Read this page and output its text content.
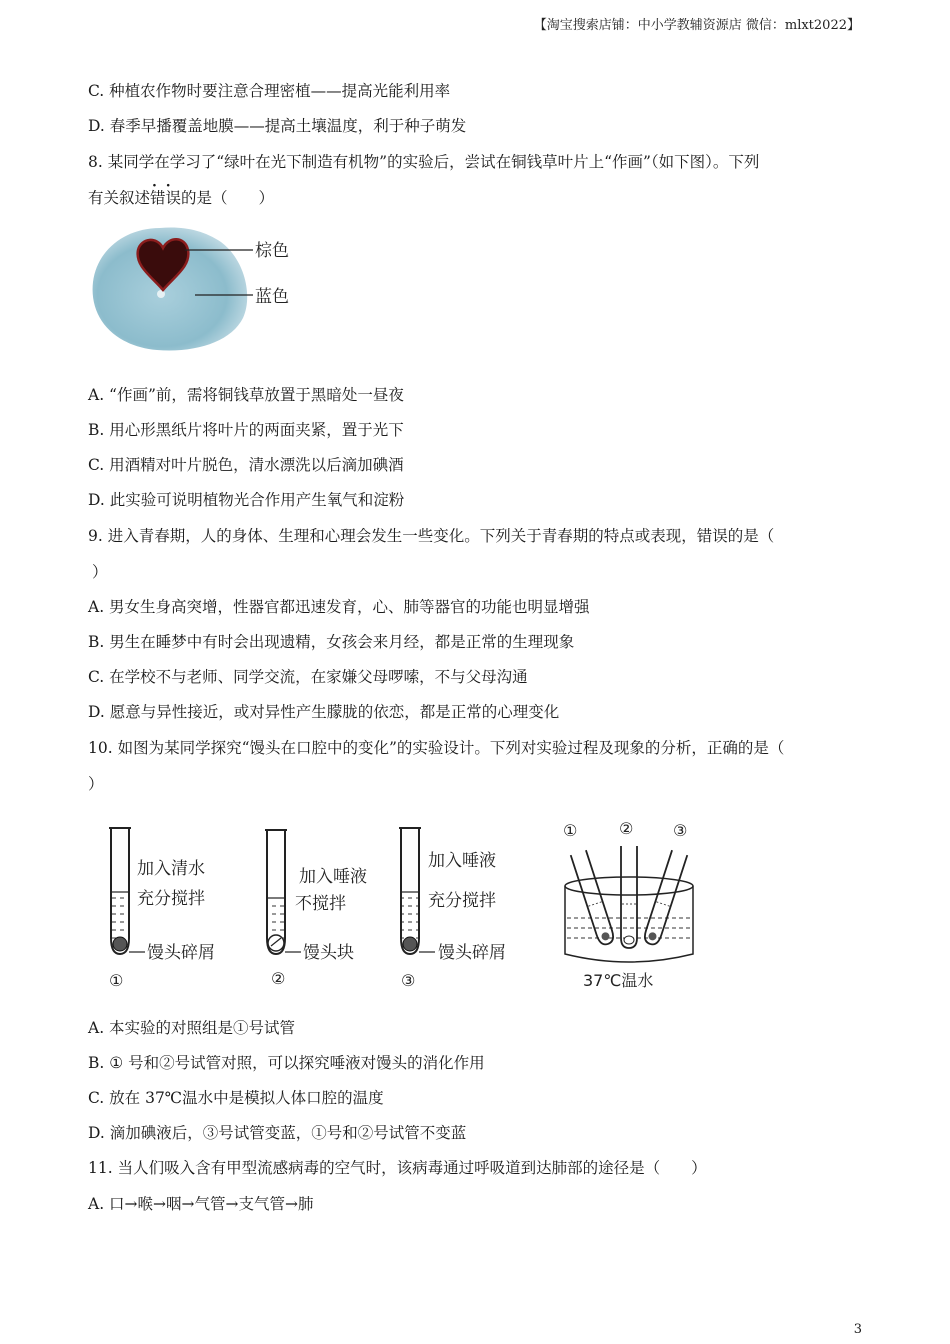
【淘宝搜索店铺：中小学教辅资源店 微信：mlxt2022】
C. 种植农作物时要注意合理密植——提高光能利用率
D. 春季早播覆盖地膜——提高土壤温度，利于种子萌发
8. 某同学在学习了“绿叶在光下制造有机物”的实验后，尝试在铜钱草叶片上“作画”（如下图）。下列
有关叙述· · 错误的是（　　）
棕色
蓝色
A. “作画”前，需将铜钱草放置于黑暗处一昼夜
B. 用心形黑纸片将叶片的两面夹紧，置于光下
C. 用酒精对叶片脱色，清水漂洗以后滴加碘酒
D. 此实验可说明植物光合作用产生氧气和淀粉
9. 进入青春期，人的身体、生理和心理会发生一些变化。下列关于青春期的特点或表现，错误的是（
）
A. 男女生身高突增，性器官都迅速发育，心、肺等器官的功能也明显增强
B. 男生在睡梦中有时会出现遗精，女孩会来月经，都是正常的生理现象
C. 在学校不与老师、同学交流，在家嫌父母啰嗦，不与父母沟通
D. 愿意与异性接近，或对异性产生朦胧的依恋，都是正常的心理变化
10. 如图为某同学探究“馒头在口腔中的变化”的实验设计。下列对实验过程及现象的分析，正确的是（
）
加入清水
充分搅拌
馒头碎屑
①
加入唾液
不搅拌
馒头块
②
加入唾液
充分搅拌
馒头碎屑
③
①	② ③
37℃温水
A. 本实验的对照组是①号试管
B. ① 号和②号试管对照，可以探究唾液对馒头的消化作用
C. 放在 37℃温水中是模拟人体口腔的温度
D. 滴加碘液后，③号试管变蓝，①号和②号试管不变蓝
11. 当人们吸入含有甲型流感病毒的空气时，该病毒通过呼吸道到达肺部的途径是（　　）
A. 口→喉→咽→气管→支气管→肺
3
